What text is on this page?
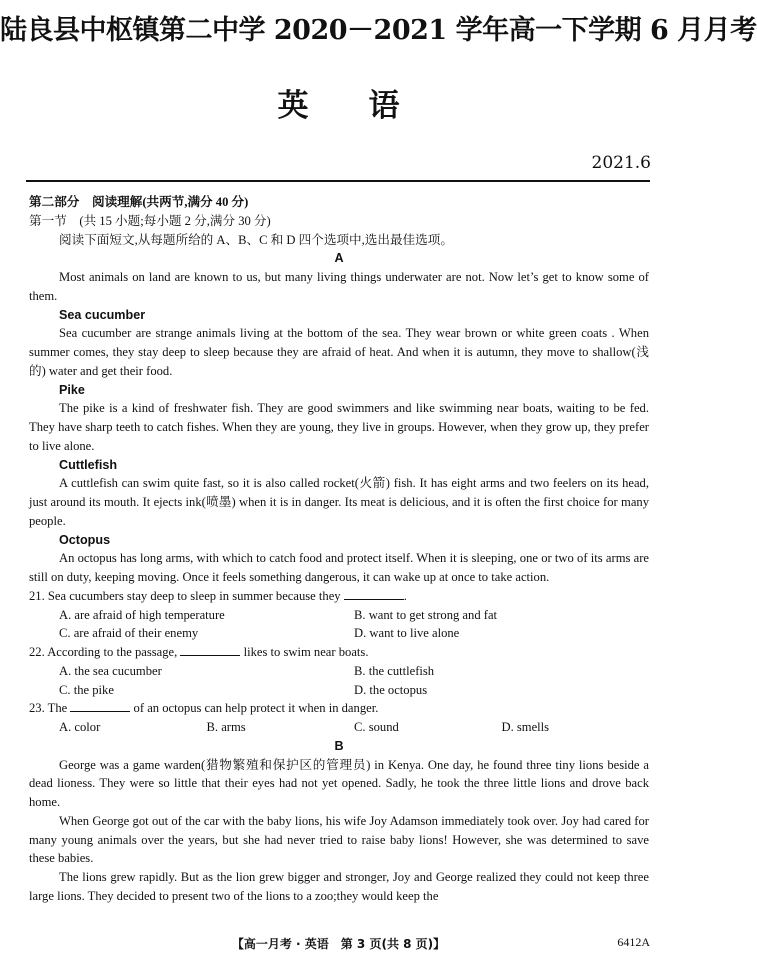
陆良县中枢镇第二中学 2020－2021 学年高一下学期 6 月月考
英语
2021.6

第二部分　阅读理解(共两节,满分 40 分)

第一节　(共 15 小题;每小题 2 分,满分 30 分)

阅读下面短文,从每题所给的 A、B、C 和 D 四个选项中,选出最佳选项。

A

Most animals on land are known to us, but many living things underwater are not. Now let’s get to know some of them.

Sea cucumber

Sea cucumber are strange animals living at the bottom of the sea. They wear brown or white green coats . When summer comes, they stay deep to sleep because they are afraid of heat. And when it is autumn, they move to shallow(浅的) water and get their food.

Pike

The pike is a kind of freshwater fish. They are good swimmers and like swimming near boats, waiting to be fed. They have sharp teeth to catch fishes. When they are young, they live in groups. However, when they grow up, they prefer to live alone.

Cuttlefish

A cuttlefish can swim quite fast, so it is also called rocket(火箭) fish. It has eight arms and two feelers on its head, just around its mouth. It ejects ink(喷墨) when it is in danger. Its meat is delicious, and it is often the first choice for many people.

Octopus

An octopus has long arms, with which to catch food and protect itself. When it is sleeping, one or two of its arms are still on duty, keeping moving. Once it feels something dangerous, it can wake up at once to take action.

21. Sea cucumbers stay deep to sleep in summer because they	.

A. are afraid of high temperature	B. want to get strong and fat
C. are afraid of their enemy	D. want to live alone

22. According to the passage,	likes to swim near boats.

A. the sea cucumber	B. the cuttlefish
C. the pike	D. the octopus

23. The	of an octopus can help protect it when in danger.

A. color	B. arms	C. sound	D. smells

B

George was a game warden(猎物繁殖和保护区的管理员) in Kenya. One day, he found three tiny lions beside a dead lioness. They were so little that their eyes had not yet opened. Sadly, he took the three little lions and drove back home.

When George got out of the car with the baby lions, his wife Joy Adamson immediately took over. Joy had cared for many young animals over the years, but she had never tried to raise baby lions! However, she was determined to save these babies.

The lions grew rapidly. But as the lion grew bigger and stronger, Joy and George realized they could not keep three large lions. They decided to present two of the lions to a zoo;they would keep the

【高一月考 · 英语　第 3 页(共 8 页)】	6412A
